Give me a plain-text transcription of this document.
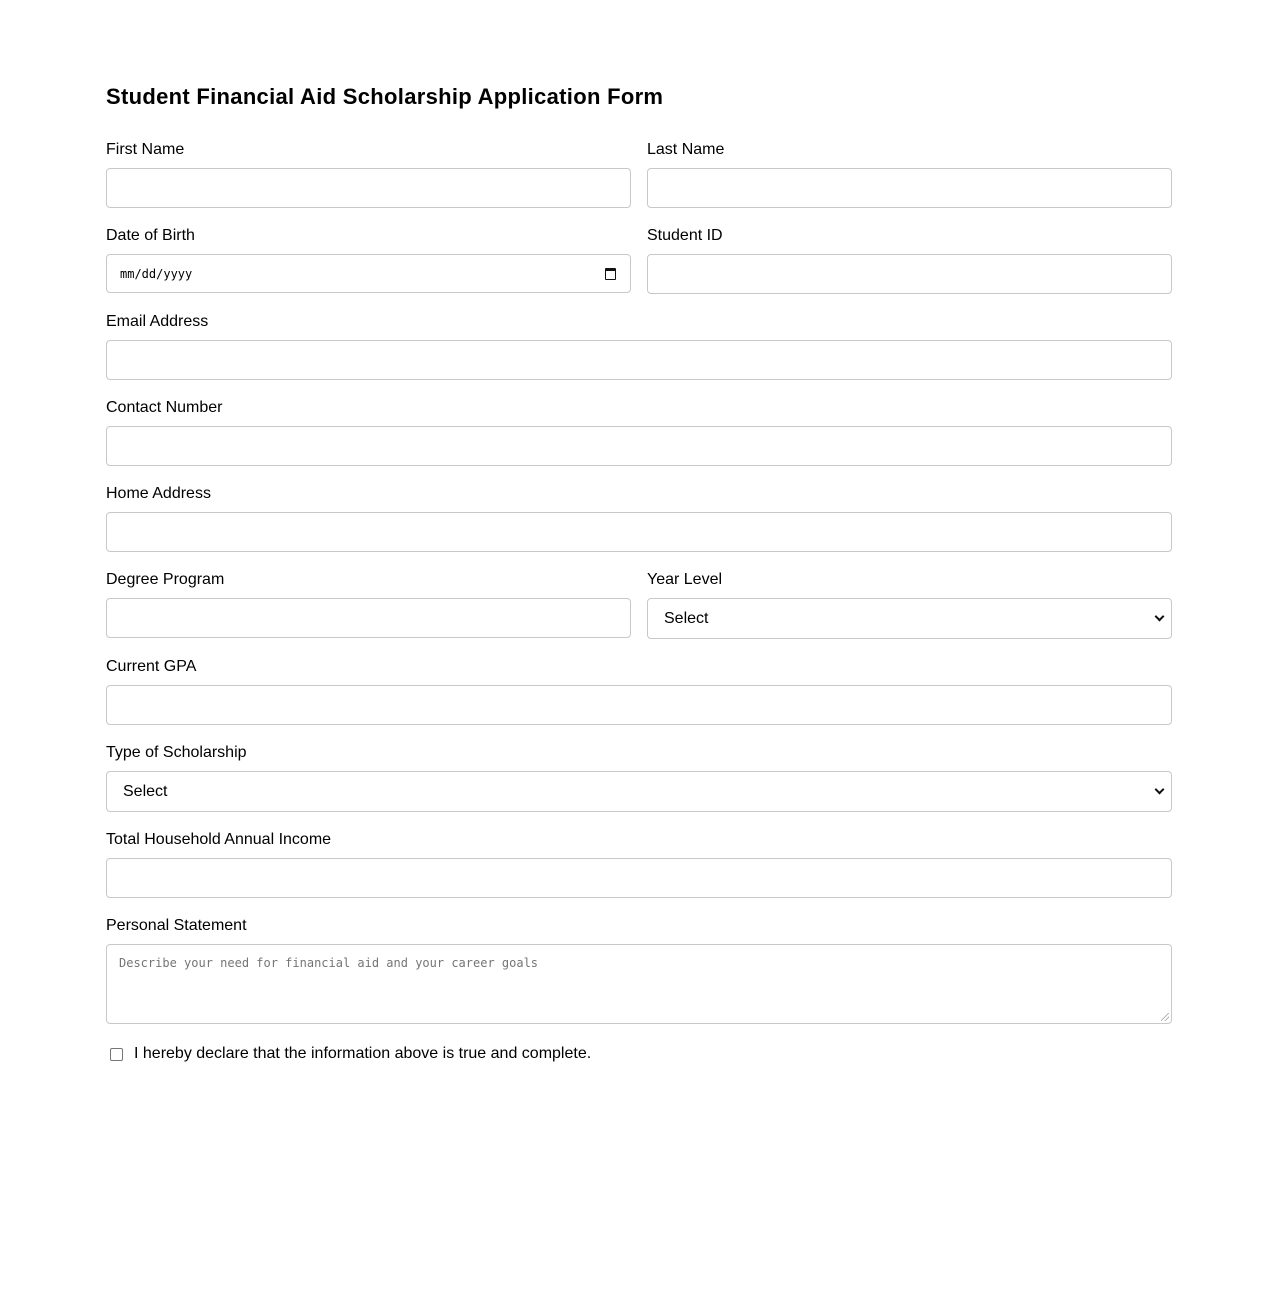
Student Financial Aid Scholarship Application Form
First Name	Last Name
Date of Birth
mm/dd/yyyy
Student ID
Email Address
Contact Number
Home Address
Degree Program	Year Level
Select
Current GPA
Type of Scholarship
Select
Total Household Annual Income
Personal Statement
Describe your need for financial aid and your career goals
I hereby declare that the information above is true and complete.
